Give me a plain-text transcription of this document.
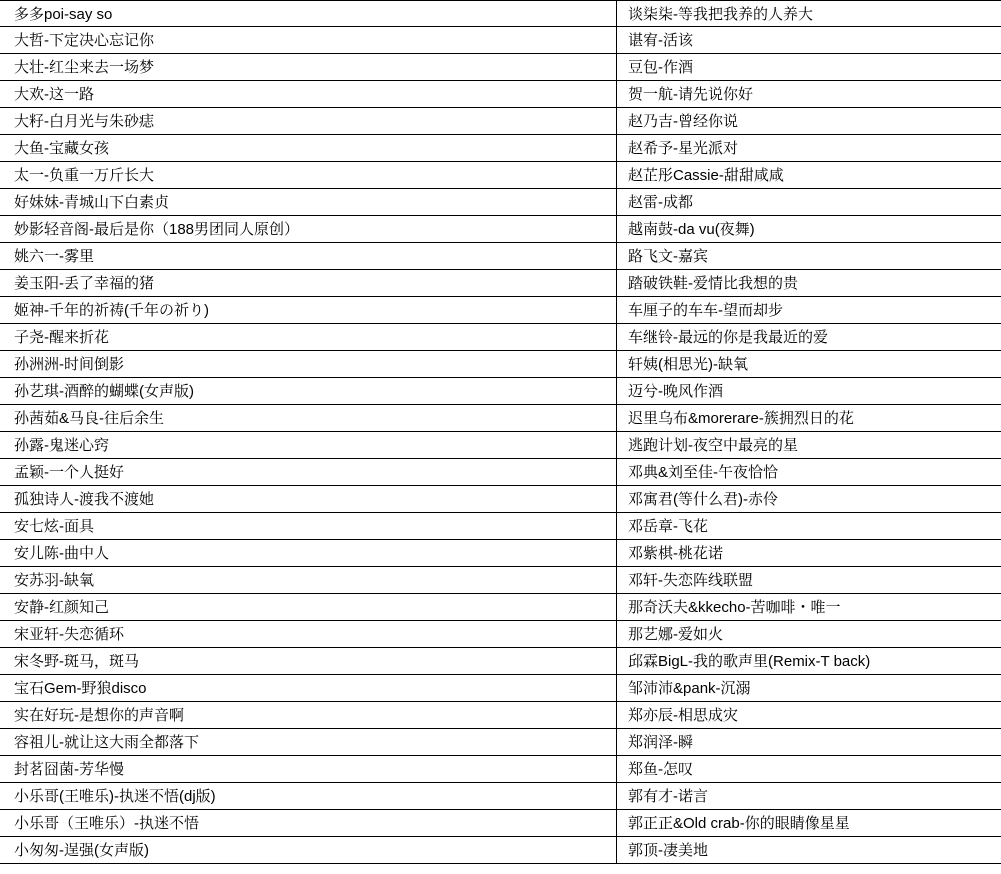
多多poi-say so
大哲-下定决心忘记你
大壮-红尘来去一场梦
大欢-这一路
大籽-白月光与朱砂痣
大鱼-宝藏女孩
太一-负重一万斤长大
好妹妹-青城山下白素贞
妙影轻音阁-最后是你（188男团同人原创）
姚六一-雾里
姜玉阳-丢了幸福的猪
姬神-千年的祈祷(千年の祈り)
子尧-醒来折花
孙洲洲-时间倒影
孙艺琪-酒醉的蝴蝶(女声版)
孙茜茹&马良-往后余生
孙露-鬼迷心窍
孟颖-一个人挺好
孤独诗人-渡我不渡她
安七炫-面具
安儿陈-曲中人
安苏羽-缺氧
安静-红颜知己
宋亚轩-失恋循环
宋冬野-斑马，斑马
宝石Gem-野狼disco
实在好玩-是想你的声音啊
容祖儿-就让这大雨全都落下
封茗囧菌-芳华慢
小乐哥(王唯乐)-执迷不悟(dj版)
小乐哥（王唯乐）-执迷不悟
小匆匆-逞强(女声版)
谈柒柒-等我把我养的人养大
谌宥-活该
豆包-作酒
贺一航-请先说你好
赵乃吉-曾经你说
赵希予-星光派对
赵芷彤Cassie-甜甜咸咸
赵雷-成都
越南鼓-da vu(夜舞)
路飞文-嘉宾
踏破铁鞋-爱情比我想的贵
车厘子的车车-望而却步
车继铃-最远的你是我最近的爱
轩姨(相思光)-缺氧
迈兮-晚风作酒
迟里乌布&morerare-簇拥烈日的花
逃跑计划-夜空中最亮的星
邓典&刘至佳-午夜恰恰
邓寓君(等什么君)-赤伶
邓岳章-飞花
邓紫棋-桃花诺
邓轩-失恋阵线联盟
那奇沃夫&kkecho-苦咖啡・唯一
那艺娜-爱如火
邱霖BigL-我的歌声里(Remix-T back)
邹沛沛&pank-沉溺
郑亦辰-相思成灾
郑润泽-瞬
郑鱼-怎叹
郭有才-诺言
郭正正&Old crab-你的眼睛像星星
郭顶-凄美地
